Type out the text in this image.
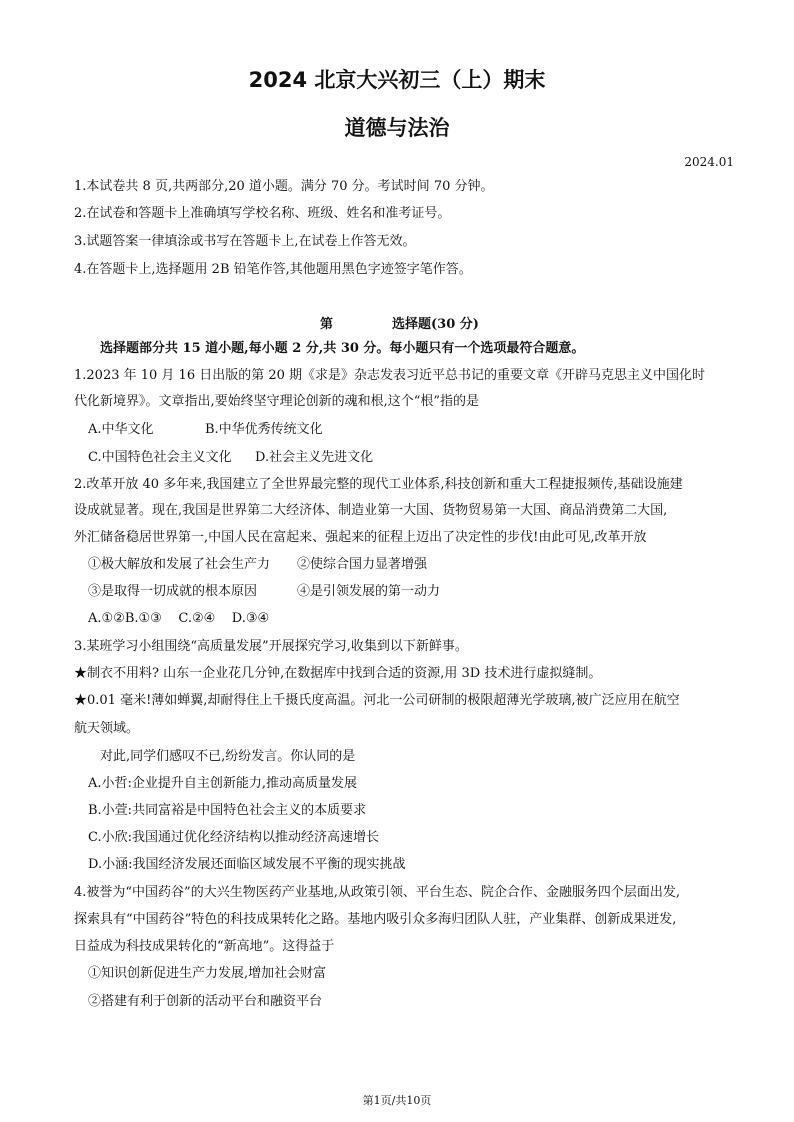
2024 北京大兴初三（上）期末
道德与法治
2024.01
1.本试卷共 8 页,共两部分,20 道小题。满分 70 分。考试时间 70 分钟。
2.在试卷和答题卡上准确填写学校名称、班级、姓名和准考证号。
3.试题答案一律填涂或书写在答题卡上,在试卷上作答无效。
4.在答题卡上,选择题用 2B 铅笔作答,其他题用黑色字迹签字笔作答。
第	选择题(30 分)
选择题部分共 15 道小题,每小题 2 分,共 30 分。每小题只有一个选项最符合题意。
1.2023 年 10 月 16 日出版的第 20 期《求是》杂志发表习近平总书记的重要文章《开辟马克思主义中国化时
代化新境界》。文章指出,要始终坚守理论创新的魂和根,这个“根”指的是
A.中华文化	B.中华优秀传统文化
C.中国特色社会主义文化 D.社会主义先进文化
2.改革开放 40 多年来,我国建立了全世界最完整的现代工业体系,科技创新和重大工程捷报频传,基础设施建
设成就显著。现在,我国是世界第二大经济体、制造业第一大国、货物贸易第一大国、商品消费第二大国,
外汇储备稳居世界第一,中国人民在富起来、强起来的征程上迈出了决定性的步伐!由此可见,改革开放
①极大解放和发展了社会生产力 ②使综合国力显著增强
③是取得一切成就的根本原因	④是引领发展的第一动力
A.①②B.①③    C.②④    D.③④
3.某班学习小组围绕“高质量发展”开展探究学习,收集到以下新鲜事。
★制衣不用料? 山东一企业花几分钟,在数据库中找到合适的资源,用 3D 技术进行虚拟缝制。
★0.01 毫米!薄如蝉翼,却耐得住上千摄氏度高温。河北一公司研制的极限超薄光学玻璃,被广泛应用在航空
航天领域。
对此,同学们感叹不已,纷纷发言。你认同的是
A.小哲:企业提升自主创新能力,推动高质量发展
B.小萱:共同富裕是中国特色社会主义的本质要求
C.小欣:我国通过优化经济结构以推动经济高速增长
D.小涵:我国经济发展还面临区域发展不平衡的现实挑战
4.被誉为“中国药谷”的大兴生物医药产业基地,从政策引领、平台生态、院企合作、金融服务四个层面出发,
探索具有“中国药谷”特色的科技成果转化之路。基地内吸引众多海归团队人驻，产业集群、创新成果迸发,
日益成为科技成果转化的“新高地”。这得益于
①知识创新促进生产力发展,增加社会财富
②搭建有利于创新的活动平台和融资平台
第1页/共10页
